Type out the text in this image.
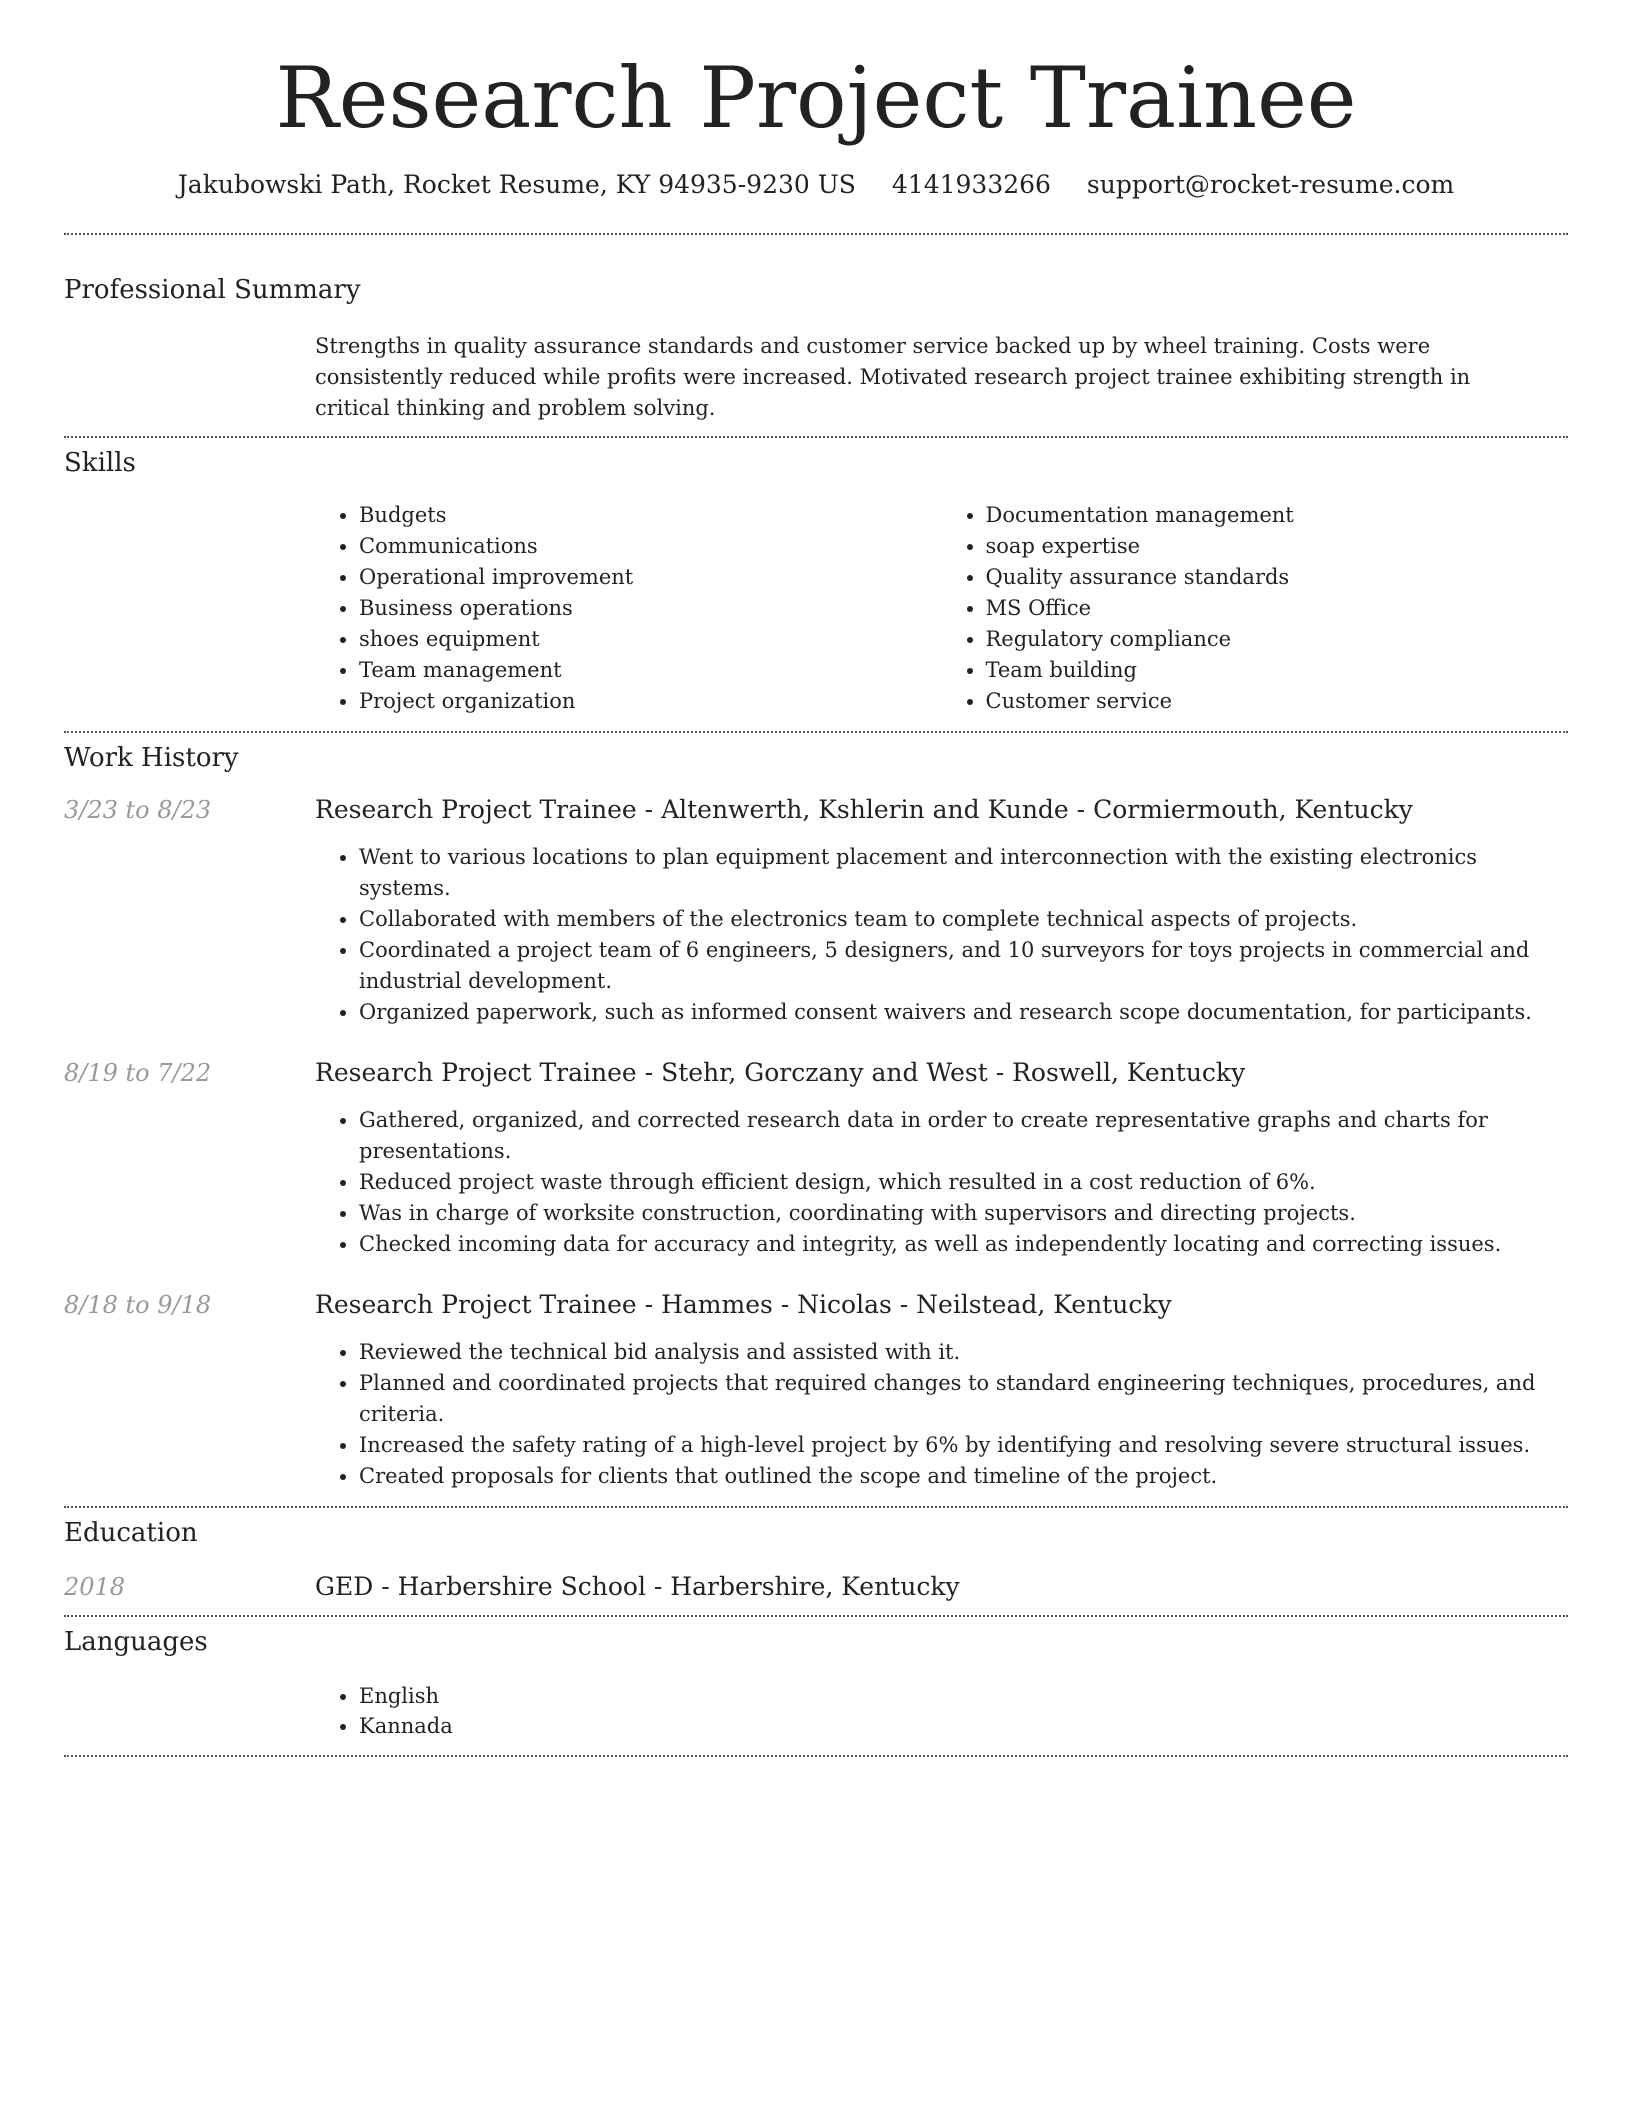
Research Project Trainee
Jakubowski Path, Rocket Resume, KY 94935-9230 US 4141933266 support@rocket-resume.com
Professional Summary

Strengths in quality assurance standards and customer service backed up by wheel training. Costs were consistently reduced while profits were increased. Motivated research project trainee exhibiting strength in critical thinking and problem solving.

Skills
• Budgets
• Communications
• Operational improvement
• Business operations
• shoes equipment
• Team management
• Project organization
• Documentation management
• soap expertise
• Quality assurance standards
• MS Office
• Regulatory compliance
• Team building
• Customer service
Work History
3/23 to 8/23	Research Project Trainee - Altenwerth, Kshlerin and Kunde - Cormiermouth, Kentucky
• Went to various locations to plan equipment placement and interconnection with the existing electronics systems.
• Collaborated with members of the electronics team to complete technical aspects of projects.
• Coordinated a project team of 6 engineers, 5 designers, and 10 surveyors for toys projects in commercial and industrial development.
• Organized paperwork, such as informed consent waivers and research scope documentation, for participants.
8/19 to 7/22	Research Project Trainee - Stehr, Gorczany and West - Roswell, Kentucky
• Gathered, organized, and corrected research data in order to create representative graphs and charts for presentations.
• Reduced project waste through efficient design, which resulted in a cost reduction of 6%.
• Was in charge of worksite construction, coordinating with supervisors and directing projects.
• Checked incoming data for accuracy and integrity, as well as independently locating and correcting issues.
8/18 to 9/18	Research Project Trainee - Hammes - Nicolas - Neilstead, Kentucky
• Reviewed the technical bid analysis and assisted with it.
• Planned and coordinated projects that required changes to standard engineering techniques, procedures, and criteria.
• Increased the safety rating of a high-level project by 6% by identifying and resolving severe structural issues.
• Created proposals for clients that outlined the scope and timeline of the project.
Education
2018	GED - Harbershire School - Harbershire, Kentucky
Languages
• English
• Kannada
